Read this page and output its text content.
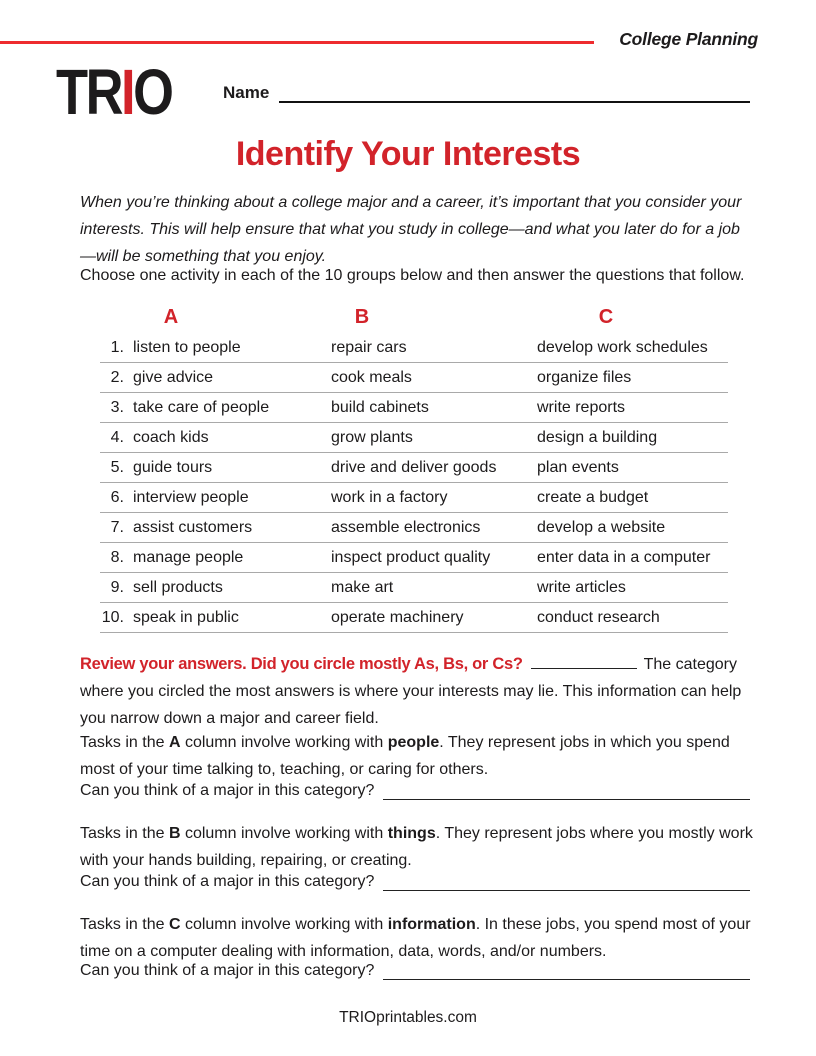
College Planning
TRIO	Name
Identify Your Interests

When you’re thinking about a college major and a career, it’s important that you consider your interests. This will help ensure that what you study in college—and what you later do for a job—will be something that you enjoy.

Choose one activity in each of the 10 groups below and then answer the questions that follow.

A	B	C
1. listen to people	repair cars	develop work schedules
2. give advice	cook meals	organize files
3. take care of people	build cabinets	write reports
4. coach kids	grow plants	design a building
5. guide tours	drive and deliver goods	plan events
6. interview people	work in a factory	create a budget
7. assist customers	assemble electronics	develop a website
8. manage people	inspect product quality	enter data in a computer
9. sell products	make art	write articles
10. speak in public	operate machinery	conduct research

Review your answers. Did you circle mostly As, Bs, or Cs?	The category where you circled the most answers is where your interests may lie. This information can help you narrow down a major and career field.

Tasks in the A column involve working with people. They represent jobs in which you spend most of your time talking to, teaching, or caring for others.

Can you think of a major in this category?

Tasks in the B column involve working with things. They represent jobs where you mostly work with your hands building, repairing, or creating.

Can you think of a major in this category?

Tasks in the C column involve working with information. In these jobs, you spend most of your time on a computer dealing with information, data, words, and/or numbers.

Can you think of a major in this category?
TRIOprintables.com
